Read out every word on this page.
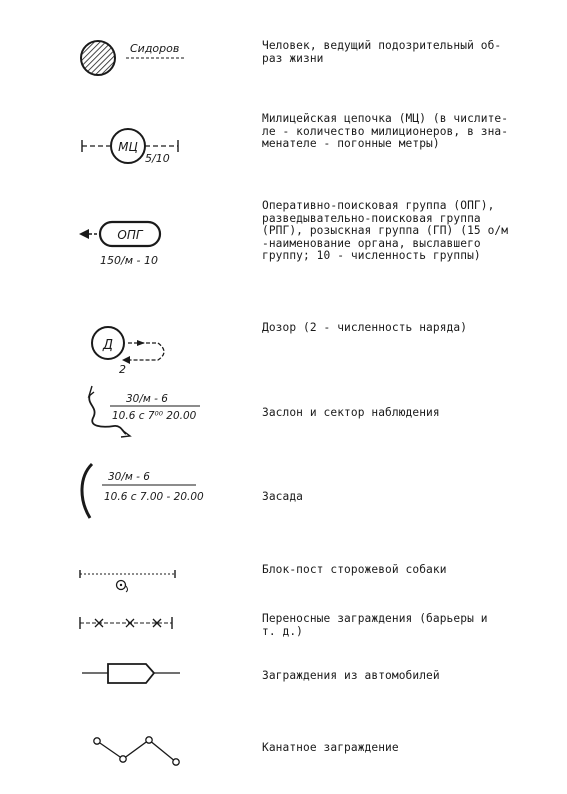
Сидоров
МЦ
5/10
ОПГ
150/м - 10
Д
2
30/м - 6
10.6 с 7⁰⁰ 20.00
30/м - 6
10.6 с 7.00 - 20.00
Человек, ведущий подозрительный об-
раз жизни
Милицейская цепочка (МЦ) (в числите-
ле - количество милиционеров, в зна-
менателе - погонные метры)
Оперативно-поисковая группа (ОПГ),
разведывательно-поисковая группа
(РПГ), розыскная группа (ГП) (15 о/м
-наименование органа, выславшего
группу; 10 - численность группы)
Дозор (2 - численность наряда)
Заслон и сектор наблюдения
Засада
Блок-пост сторожевой собаки
Переносные заграждения (барьеры и
т. д.)
Заграждения из автомобилей
Канатное заграждение
